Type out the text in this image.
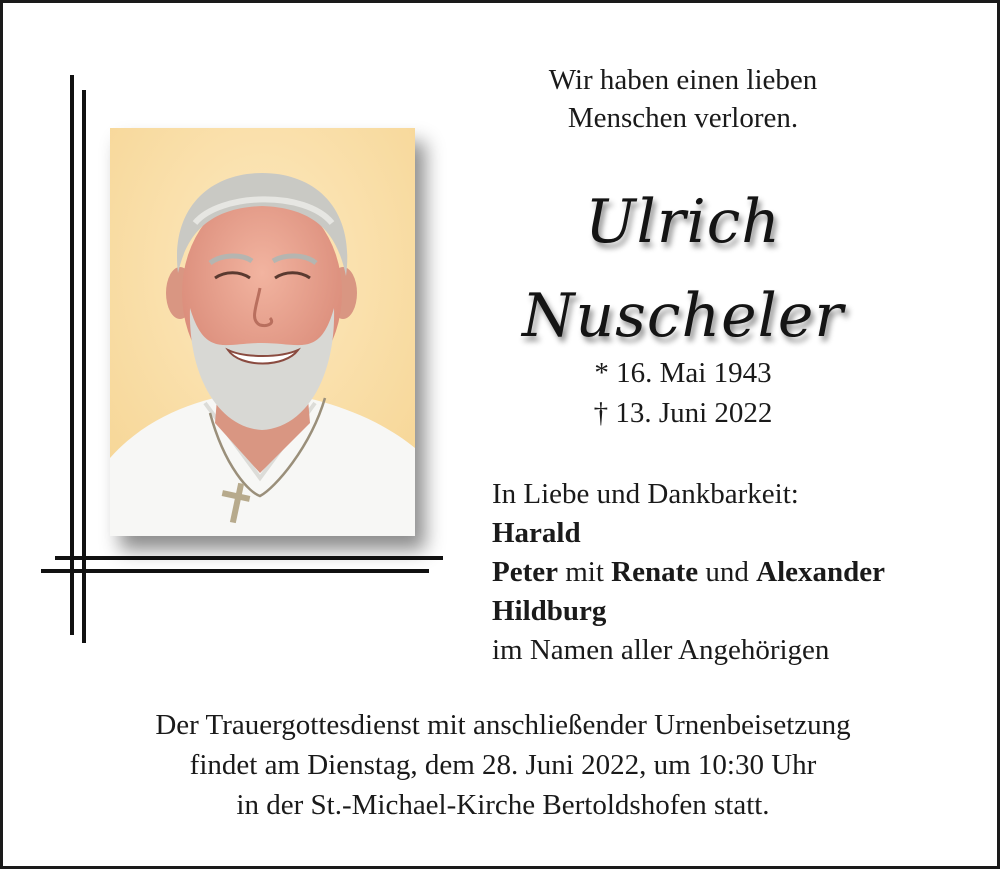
Wir haben einen lieben
Menschen verloren.
Ulrich
Nuscheler
* 16. Mai 1943
† 13. Juni 2022
In Liebe und Dankbarkeit:
Harald
Peter mit Renate und Alexander
Hildburg
im Namen aller Angehörigen
Der Trauergottesdienst mit anschließender Urnenbeisetzung
findet am Dienstag, dem 28. Juni 2022, um 10:30 Uhr
in der St.-Michael-Kirche Bertoldshofen statt.
